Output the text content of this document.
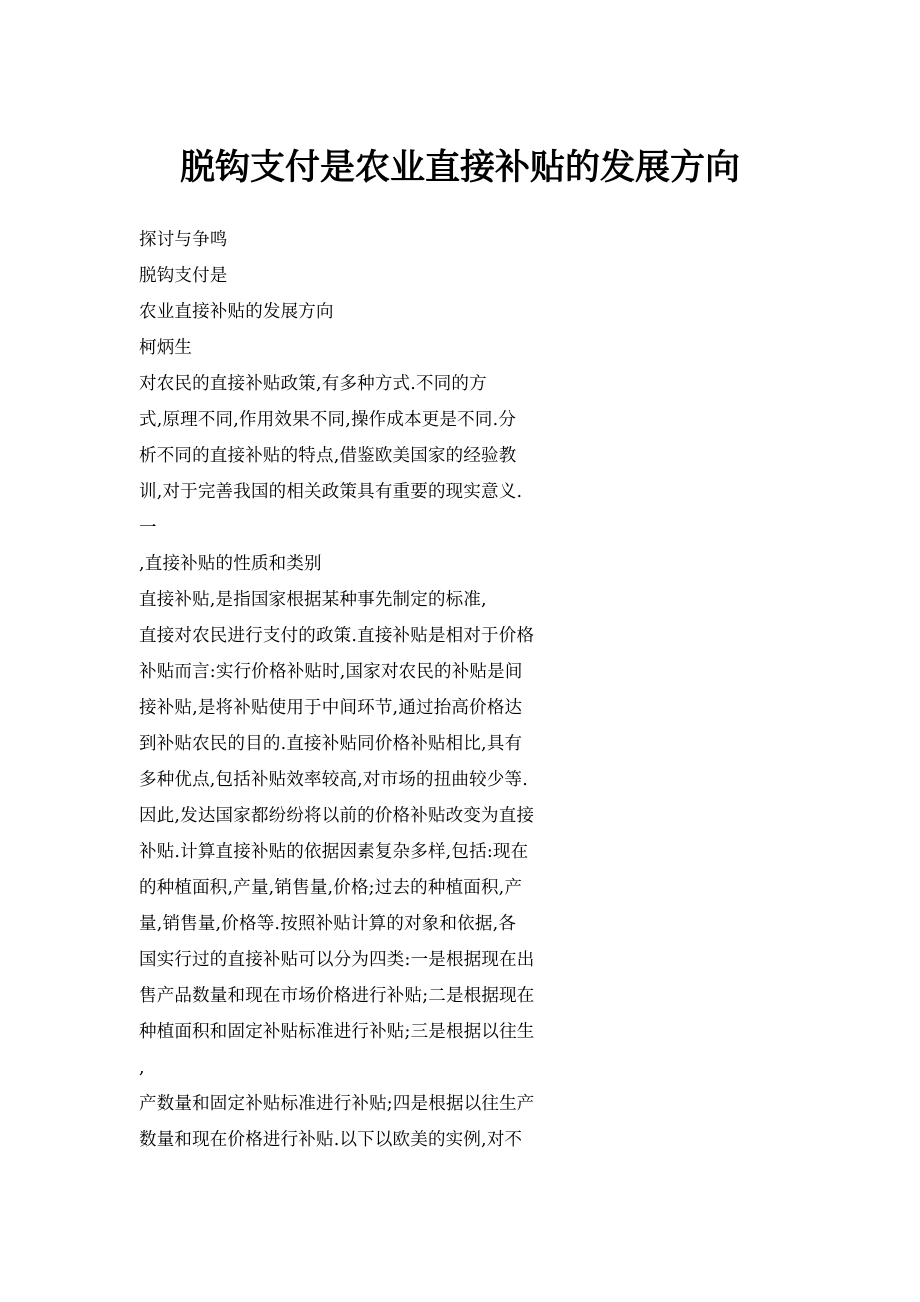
脱钩支付是农业直接补贴的发展方向
探讨与争鸣
脱钩支付是
农业直接补贴的发展方向
柯炳生
对农民的直接补贴政策,有多种方式.不同的方
式,原理不同,作用效果不同,操作成本更是不同.分
析不同的直接补贴的特点,借鉴欧美国家的经验教
训,对于完善我国的相关政策具有重要的现实意义.
一
,直接补贴的性质和类别
直接补贴,是指国家根据某种事先制定的标准,
直接对农民进行支付的政策.直接补贴是相对于价格
补贴而言:实行价格补贴时,国家对农民的补贴是间
接补贴,是将补贴使用于中间环节,通过抬高价格达
到补贴农民的目的.直接补贴同价格补贴相比,具有
多种优点,包括补贴效率较高,对市场的扭曲较少等.
因此,发达国家都纷纷将以前的价格补贴改变为直接
补贴.计算直接补贴的依据因素复杂多样,包括:现在
的种植面积,产量,销售量,价格;过去的种植面积,产
量,销售量,价格等.按照补贴计算的对象和依据,各
国实行过的直接补贴可以分为四类:一是根据现在出
售产品数量和现在市场价格进行补贴;二是根据现在
种植面积和固定补贴标准进行补贴;三是根据以往生
,
产数量和固定补贴标准进行补贴;四是根据以往生产
数量和现在价格进行补贴.以下以欧美的实例,对不
